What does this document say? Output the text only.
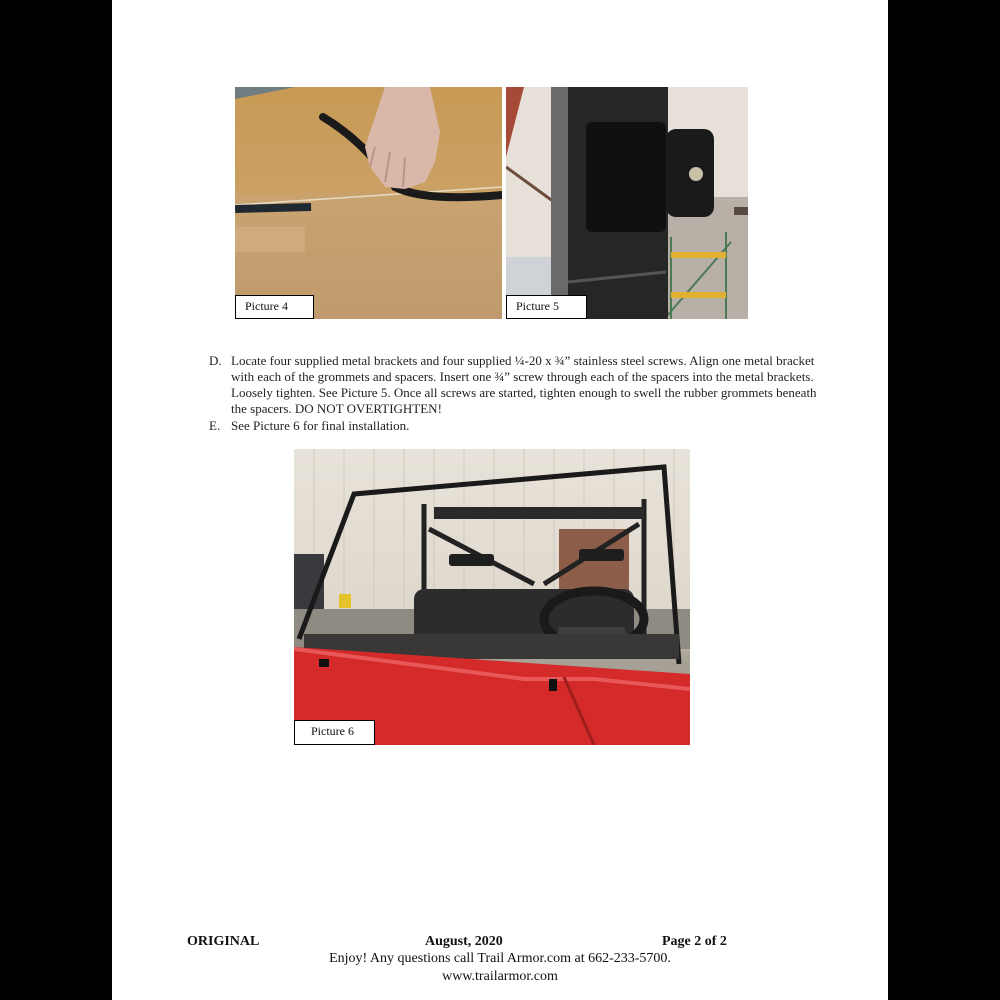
Picture 4	Picture 5
D. Locate four supplied metal brackets and four supplied ¼-20 x ¾” stainless steel screws. Align one metal bracket with each of the grommets and spacers. Insert one ¾” screw through each of the spacers into the metal brackets. Loosely tighten. See Picture 5. Once all screws are started, tighten enough to swell the rubber grommets beneath the spacers. DO NOT OVERTIGHTEN!
E. See Picture 6 for final installation.
Picture 6
ORIGINAL	August, 2020	Page 2 of 2
Enjoy! Any questions call Trail Armor.com at 662-233-5700.
www.trailarmor.com
